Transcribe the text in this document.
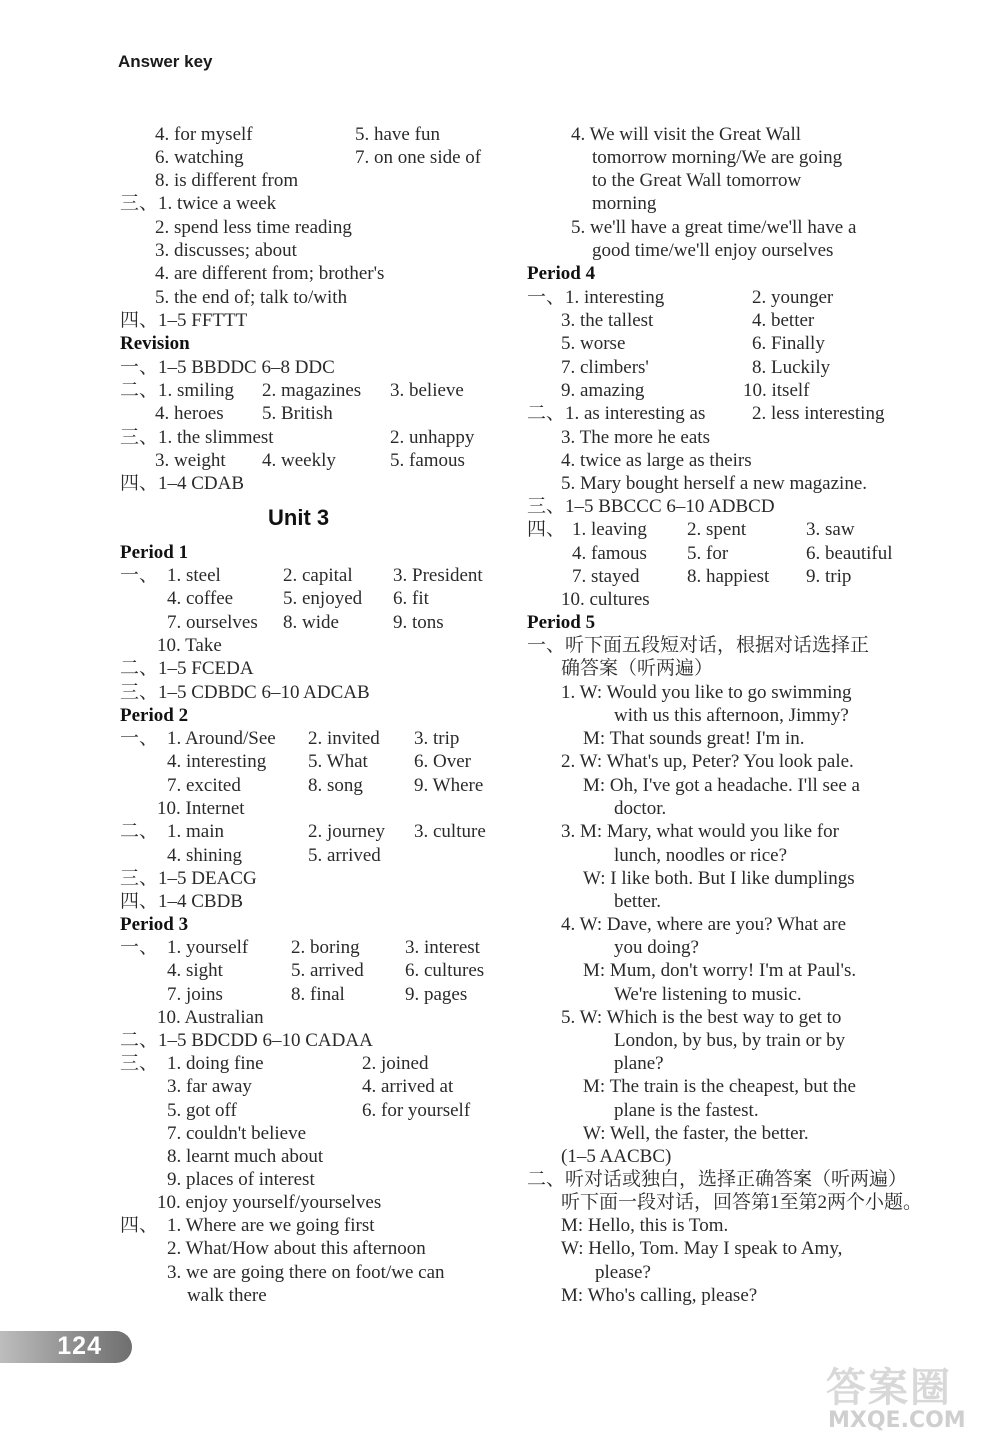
Answer key
4. for myself	5. have fun
6. watching	7. on one side of
8. is different from
三、1. twice a week
2. spend less time reading
3. discusses; about
4. are different from; brother's
5. the end of; talk to/with
四、1–5 FFTTT
Revision
一、1–5 BBDDC 6–8 DDC
二、1. smiling 2. magazines 3. believe
4. heroes 5. British
三、1. the slimmest	2. unhappy
3. weight 4. weekly	5. famous
四、1–4 CDAB
Period 1
一、 1. steel	2. capital 3. President
4. coffee	5. enjoyed 6. fit
7. ourselves 8. wide	9. tons
10. Take
二、1–5 FCEDA
三、1–5 CDBDC 6–10 ADCAB
Period 2
一、 1. Around/See 2. invited 3. trip
4. interesting 5. What 6. Over
7. excited	8. song	9. Where
10. Internet
二、 1. main	2. journey 3. culture
4. shining	5. arrived
三、1–5 DEACG
四、1–4 CBDB
Period 3
一、 1. yourself 2. boring 3. interest
4. sight	5. arrived 6. cultures
7. joins	8. final	9. pages
10. Australian
二、1–5 BDCDD 6–10 CADAA
三、 1. doing fine	2. joined
3. far away	4. arrived at
5. got off	6. for yourself
7. couldn't believe
8. learnt much about
9. places of interest
10. enjoy yourself/yourselves
四、 1. Where are we going first
2. What/How about this afternoon
3. we are going there on foot/we can
walk there
Unit 3
4. We will visit the Great Wall
tomorrow morning/We are going
to the Great Wall tomorrow
morning
5. we'll have a great time/we'll have a
good time/we'll enjoy ourselves
Period 4
一、1. interesting	2. younger
3. the tallest	4. better
5. worse	6. Finally
7. climbers'	8. Luckily
9. amazing	10. itself
二、1. as interesting as 2. less interesting
3. The more he eats
4. twice as large as theirs
5. Mary bought herself a new magazine.
三、1–5 BBCCC 6–10 ADBCD
四、 1. leaving 2. spent	3. saw
4. famous 5. for	6. beautiful
7. stayed 8. happiest 9. trip
10. cultures
Period 5
一、听下面五段短对话，根据对话选择正
确答案（听两遍）
1. W: Would you like to go swimming
with us this afternoon, Jimmy?
M: That sounds great! I'm in.
2. W: What's up, Peter? You look pale.
M: Oh, I've got a headache. I'll see a
doctor.
3. M: Mary, what would you like for
lunch, noodles or rice?
W: I like both. But I like dumplings
better.
4. W: Dave, where are you? What are
you doing?
M: Mum, don't worry! I'm at Paul's.
We're listening to music.
5. W: Which is the best way to get to
London, by bus, by train or by
plane?
M: The train is the cheapest, but the
plane is the fastest.
W: Well, the faster, the better.
(1–5 AACBC)
二、听对话或独白，选择正确答案（听两遍）
听下面一段对话，回答第1至第2两个小题。
M: Hello, this is Tom.
W: Hello, Tom. May I speak to Amy,
please?
M: Who's calling, please?
124
答案圈
MXQE.COM
